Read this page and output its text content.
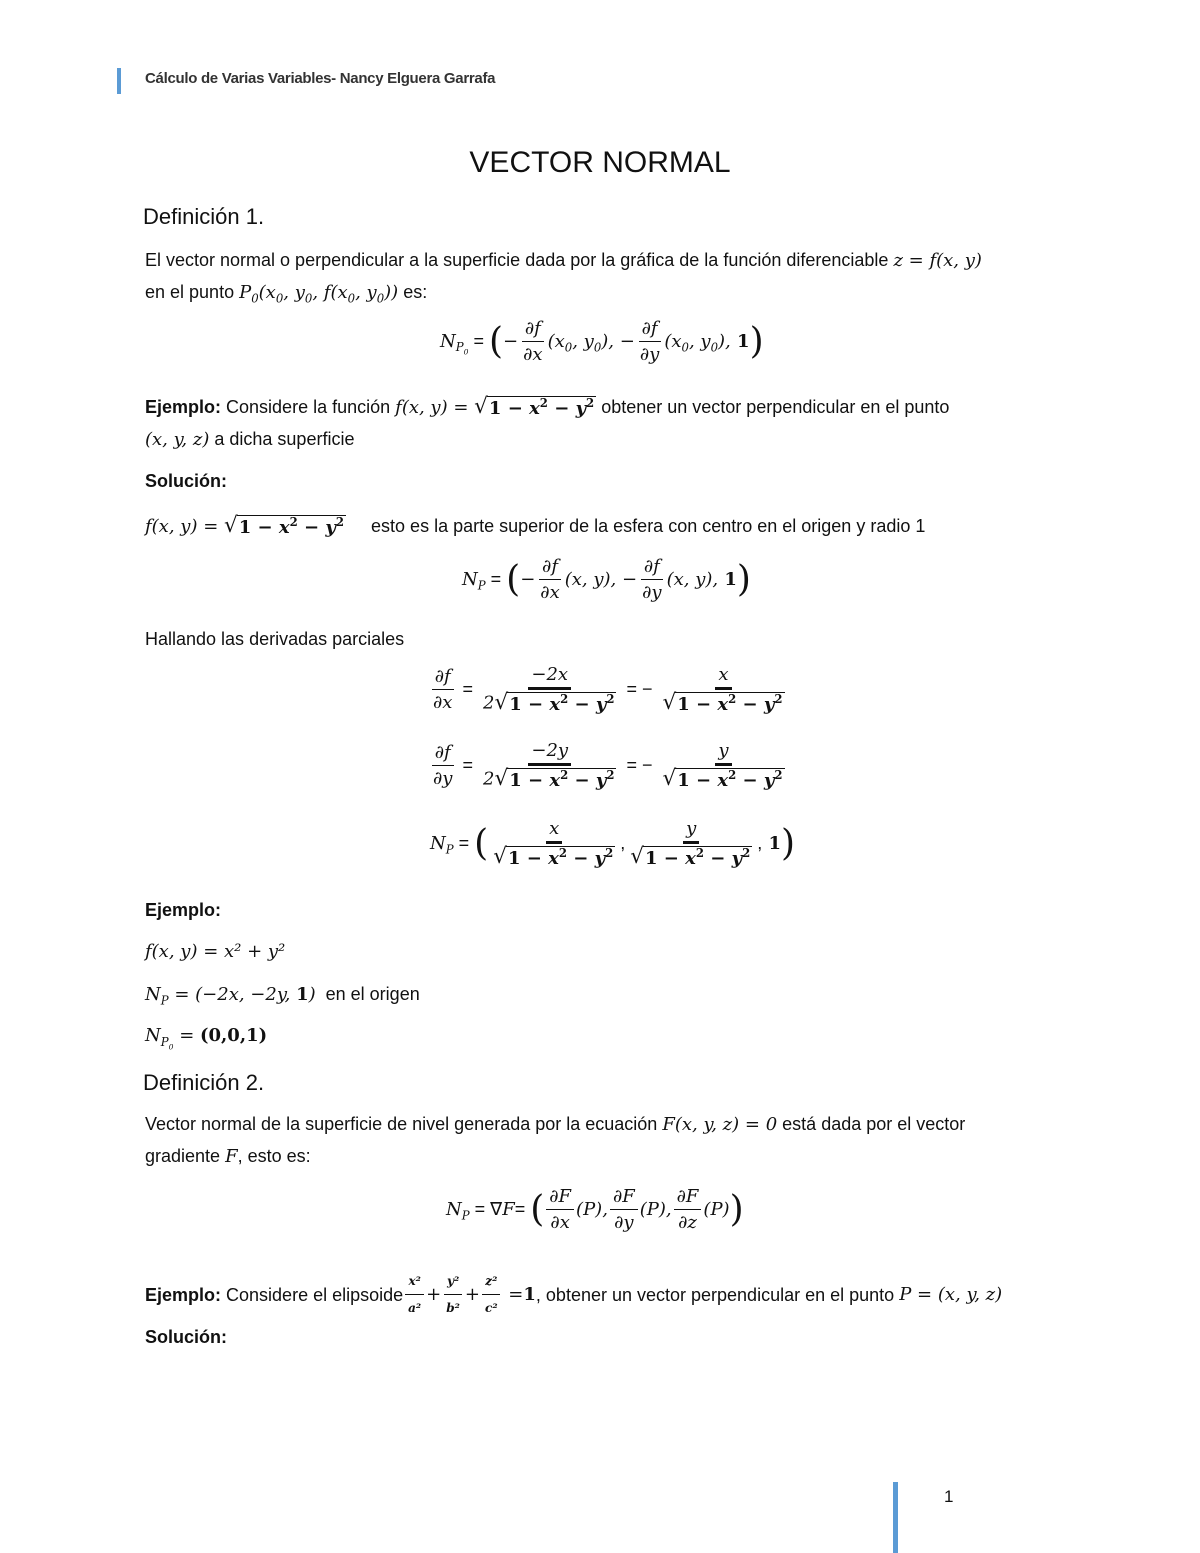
Cálculo de Varias Variables- Nancy Elguera Garrafa
VECTOR NORMAL
Definición 1.
El vector normal o perpendicular a la superficie dada por la gráfica de la función diferenciable z = f(x, y)
en el punto $P_0(x_0$, $y_0$, $f(x_0$, $y_0$)) es:
$N_{P_0}$
= ( − $\frac{\partial f}{\partial x} (x_0$, $y_0$), − $\frac{\partial f}{\partial y} (x_0$, $y_0$), 1 )
Ejemplo: Considere la función f(x, y) = √ $1 - x^2 - y^2$ obtener un vector perpendicular en el punto
(x, y, z) a dicha superficie
Solución:
f(x, y) = √ $1 - x^2 - y^2$ esto es la parte superior de la esfera con centro en el origen y radio 1
$N_P$ = ( − $\frac{\partial f}{\partial x} (x$, y), − $\frac{\partial f}{\partial y} (x$, y), 1 )
Hallando las derivadas parciales
$\frac{\partial f}{\partial x} = \frac{-2x}{2 √ 1 - x^2 - y^2}$ = − $\frac{x}{√ 1 - x^2 - y^2}$
$\frac{\partial f}{\partial y} = \frac{-2y}{2 √ 1 - x^2 - y^2}$ = − $\frac{y}{√ 1 - x^2 - y^2}$
$N_P$ = ( $\frac{x}{√ 1 - x^2 - y^2}$ , $\frac{y}{√ 1 - x^2 - y^2}$ , 1 )
Ejemplo:
f(x, y) = x² + y²
$N_P = (-2x$, −2y, 1) en el origen
$N_{P_0} = (0,0,1)$
Definición 2.
Vector normal de la superficie de nivel generada por la ecuación F(x, y, z) = 0 está dada por el vector
gradiente F, esto es:
$N_P$ = ∇ F = ( $\frac{\partial F}{\partial x} (P)$, $\frac{\partial F}{\partial y} (P)$, $\frac{\partial F}{\partial z} (P)$ )
Ejemplo:
Considere el elipsoide $\frac{\text{x²}}{\text{a²}} + \frac{\text{y²}}{\text{b²}} + \frac{\text{z²}}{\text{c²}} = 1$ , obtener un vector perpendicular en el punto
P = (x, y, z)
Solución:
1
